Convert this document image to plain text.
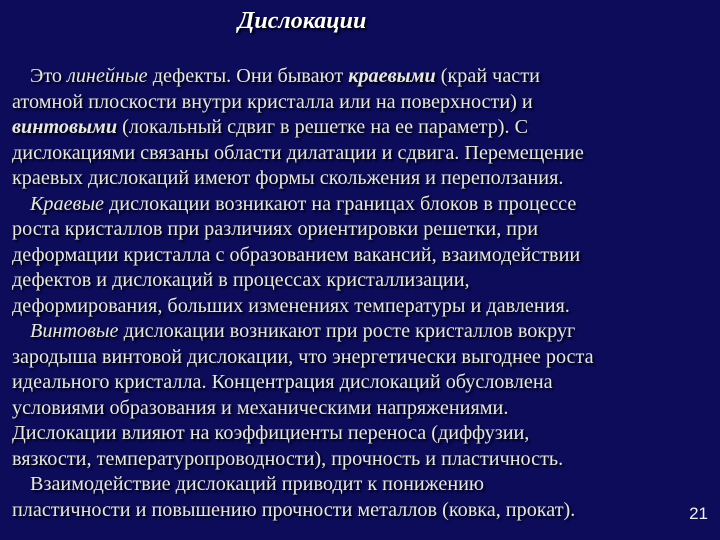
Дислокации
Это линейные дефекты. Они бывают краевыми (край части
атомной плоскости внутри кристалла или на поверхности) и
винтовыми (локальный сдвиг в решетке на ее параметр). С
дислокациями связаны области дилатации и сдвига. Перемещение
краевых дислокаций имеют формы скольжения и переползания.
Краевые дислокации возникают на границах блоков в процессе
роста кристаллов при различиях ориентировки решетки, при
деформации кристалла с образованием вакансий, взаимодействии
дефектов и дислокаций в процессах кристаллизации,
деформирования, больших изменениях температуры и давления.
Винтовые дислокации возникают при росте кристаллов вокруг
зародыша винтовой дислокации, что энергетически выгоднее роста
идеального кристалла. Концентрация дислокаций обусловлена
условиями образования и механическими напряжениями.
Дислокации влияют на коэффициенты переноса (диффузии,
вязкости, температуропроводности), прочность и пластичность.
Взаимодействие дислокаций приводит к понижению
пластичности и повышению прочности металлов (ковка, прокат).	21
